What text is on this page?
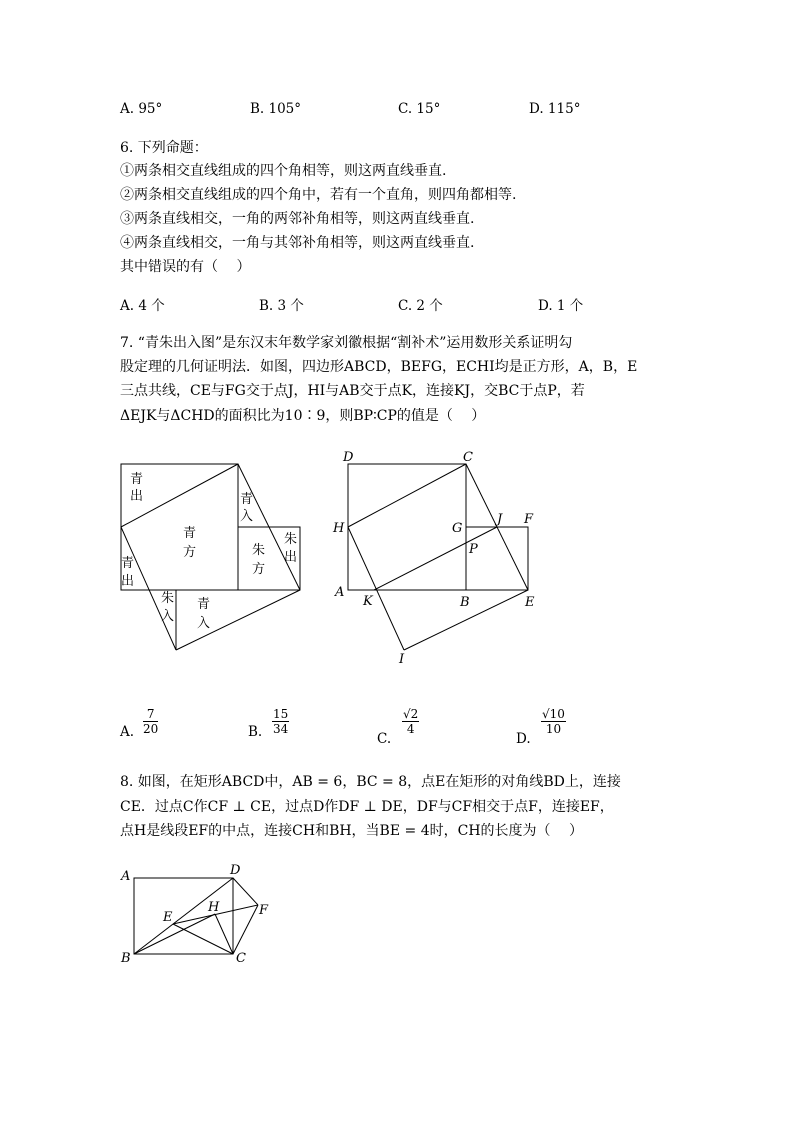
A. 95°	B. 105°	C. 15°	D. 115°
6. 下列命题：
①两条相交直线组成的四个角相等，则这两直线垂直.
②两条相交直线组成的四个角中，若有一个直角，则四角都相等.
③两条直线相交，一角的两邻补角相等，则这两直线垂直.
④两条直线相交，一角与其邻补角相等，则这两直线垂直.
其中错误的有（　 ）
A. 4 个	B. 3 个	C. 2 个	D. 1 个
7. “青朱出入图”是东汉末年数学家刘徽根据“割补术”运用数形关系证明勾
股定理的几何证明法．如图，四边形ABCD，BEFG，ECHI均是正方形，A，B，E
三点共线，CE与FG交于点J，HI与AB交于点K，连接KJ，交BC于点P，若
ΔEJK与ΔCHD的面积比为10∶9，则BP∶CP的值是（　 ）
青
出
青
方
青
入
朱
方
朱
出
青
出
朱
入
青
入
D	C
H	G
J F
P
A
K	B	E
I
A. $\frac{7}{20}$	B. $\frac{15}{34}$
C.
$\frac{√2}{4}$
D.
$\frac{√10}{10}$
8. 如图，在矩形ABCD中，AB = 6，BC = 8，点E在矩形的对角线BD上，连接
CE．过点C作CF ⊥ CE，过点D作DF ⊥ DE，DF与CF相交于点F，连接EF，
点H是线段EF的中点，连接CH和BH，当BE = 4时，CH的长度为（　 ）
A	D
E
H	F
B	C
